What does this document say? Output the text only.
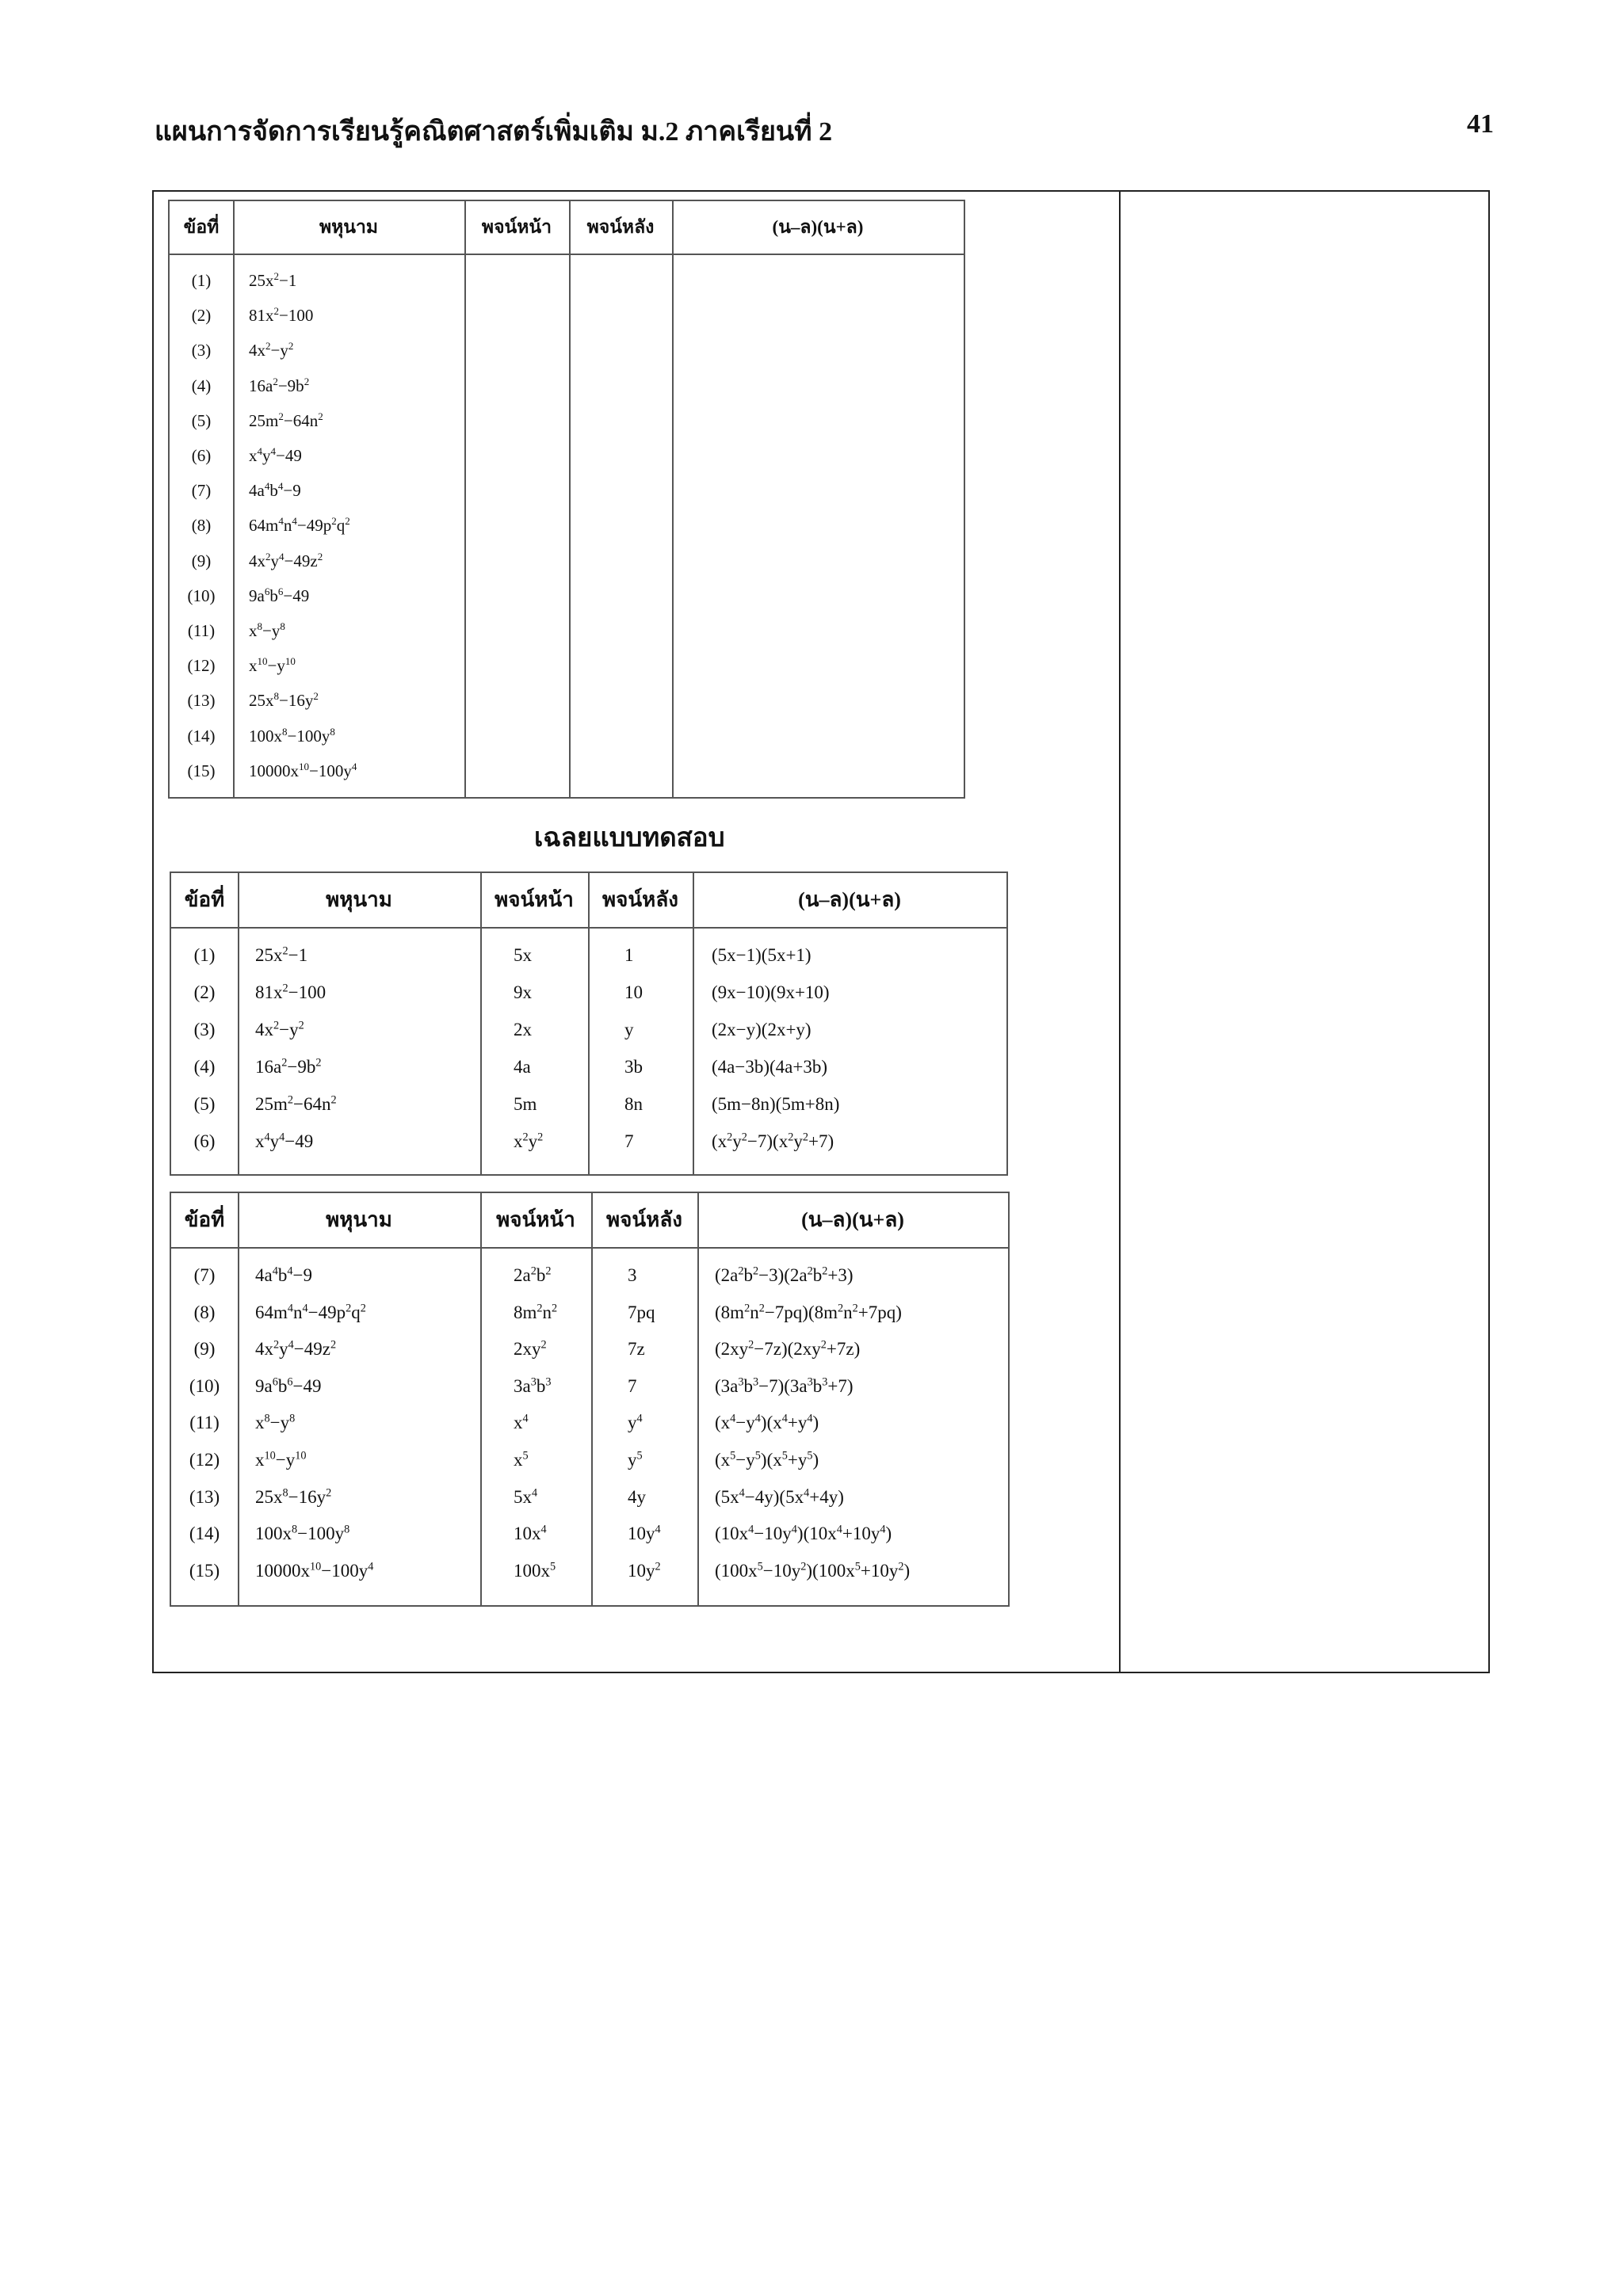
แผนการจัดการเรียนรู้คณิตศาสตร์เพิ่มเติม ม.2 ภาคเรียนที่ 2	41
ข้อที่	พหุนาม	พจน์หน้า	พจน์หลัง	(น–ล)(น+ล)
(1)	$25x^2-1$
(2)	$81x^2-100$
(3)	$4x^2-y^2$
(4)	$16a^2-9b^2$
(5)	$25m^2-64n^2$
(6)	$x^4y^4-49$
(7)	$4a^4b^4-9$
(8)	$64m^4n^4-49p^2q^2$
(9)	$4x^2y^4-49z^2$
(10)	$9a^6b^6-49$
(11)	$x^8-y^8$
(12)	$x^{10}-y^{10}$
(13)	$25x^8-16y^2$
(14)	$100x^8-100y^8$
(15)	$10000x^{10}-100y^4$
เฉลยแบบทดสอบ
ข้อที่	พหุนาม	พจน์หน้า	พจน์หลัง	(น–ล)(น+ล)
(1)	$25x^2-1$	5x	1	(5x−1)(5x+1)
(2)	$81x^2-100$	9x	10	(9x−10)(9x+10)
(3)	$4x^2-y^2$	2x	y	(2x−y)(2x+y)
(4)	$16a^2-9b^2$	4a	3b	(4a−3b)(4a+3b)
(5)	$25m^2-64n^2$	5m	8n	(5m−8n)(5m+8n)
(6)	$x^4y^4-49$	$x^2y^2$	7	$(x^2y^2-7)(x^2y^2+7)$
ข้อที่	พหุนาม	พจน์หน้า	พจน์หลัง	(น–ล)(น+ล)
(7)	$4a^4b^4-9$	$2a^2b^2$	3	$(2a^2b^2-3)(2a^2b^2+3)$
(8)	$64m^4n^4-49p^2q^2$	$8m^2n^2$	7pq	$(8m^2n^2-7pq)(8m^2n^2+7pq)$
(9)	$4x^2y^4-49z^2$	$2xy^2$	7z	$(2xy^2-7z)(2xy^2+7z)$
(10)	$9a^6b^6-49$	$3a^3b^3$	7	$(3a^3b^3-7)(3a^3b^3+7)$
(11)	$x^8-y^8$	$x^4$	$y^4$	$(x^4-y^4)(x^4+y^4)$
(12)	$x^{10}-y^{10}$	$x^5$	$y^5$	$(x^5-y^5)(x^5+y^5)$
(13)	$25x^8-16y^2$	$5x^4$	4y	$(5x^4-4y)(5x^4+4y)$
(14)	$100x^8-100y^8$	$10x^4$	$10y^4$	$(10x^4-10y^4)(10x^4+10y^4)$
(15)	$10000x^{10}-100y^4$	$100x^5$	$10y^2$	$(100x^5-10y^2)(100x^5+10y^2)$
